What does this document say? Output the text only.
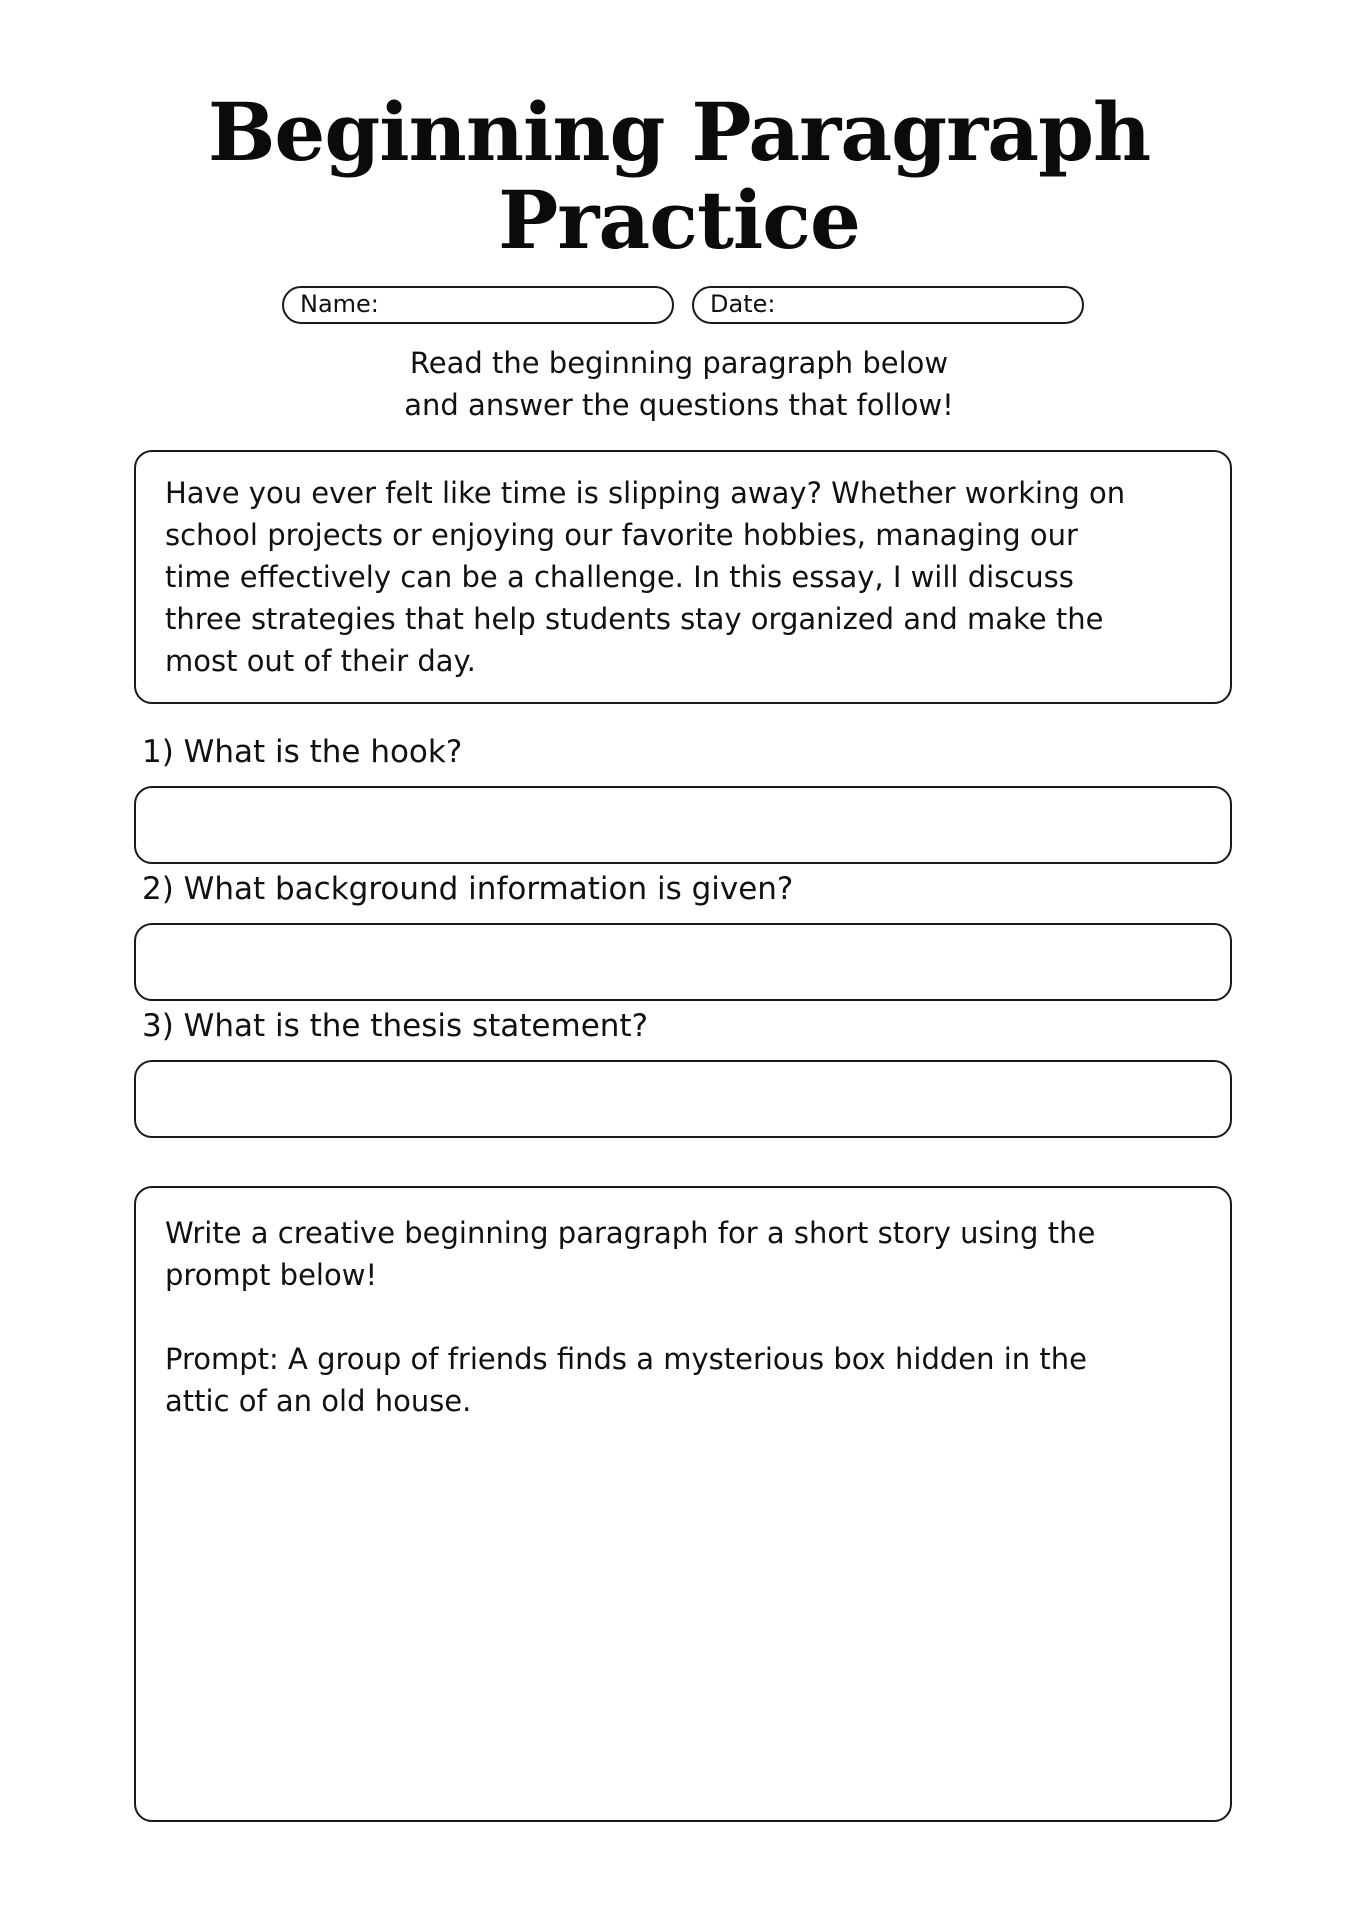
Beginning Paragraph
Practice
Name:	Date:
Read the beginning paragraph below
and answer the questions that follow!
Have you ever felt like time is slipping away? Whether working on
school projects or enjoying our favorite hobbies, managing our
time effectively can be a challenge. In this essay, I will discuss
three strategies that help students stay organized and make the
most out of their day.
1) What is the hook?
2) What background information is given?
3) What is the thesis statement?
Write a creative beginning paragraph for a short story using the
prompt below!
Prompt: A group of friends finds a mysterious box hidden in the
attic of an old house.
